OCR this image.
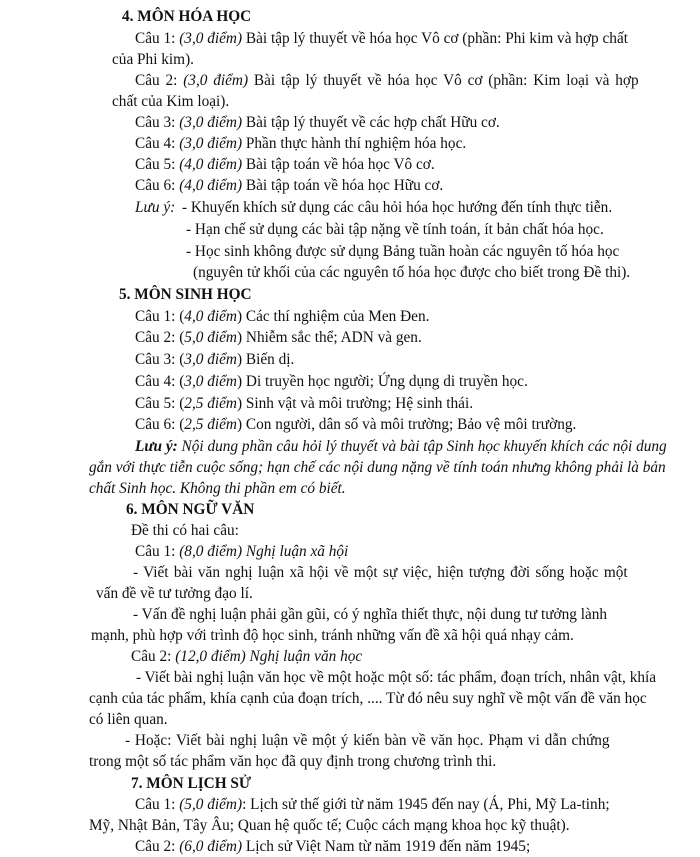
4. MÔN HÓA HỌC
Câu 1: (3,0 điểm) Bài tập lý thuyết về hóa học Vô cơ (phần: Phi kim và hợp chất
của Phi kim).
Câu 2: (3,0 điểm) Bài tập lý thuyết về hóa học Vô cơ (phần: Kim loại và hợp
chất của Kim loại).
Câu 3: (3,0 điểm) Bài tập lý thuyết về các hợp chất Hữu cơ.
Câu 4: (3,0 điểm) Phần thực hành thí nghiệm hóa học.
Câu 5: (4,0 điểm) Bài tập toán về hóa học Vô cơ.
Câu 6: (4,0 điểm) Bài tập toán về hóa học Hữu cơ.
Lưu ý: - Khuyến khích sử dụng các câu hỏi hóa học hướng đến tính thực tiễn.
- Hạn chế sử dụng các bài tập nặng về tính toán, ít bản chất hóa học.
- Học sinh không được sử dụng Bảng tuần hoàn các nguyên tố hóa học
(nguyên tử khối của các nguyên tố hóa học được cho biết trong Đề thi).
5. MÔN SINH HỌC
Câu 1: (4,0 điểm) Các thí nghiệm của Men Đen.
Câu 2: (5,0 điểm) Nhiễm sắc thể; ADN và gen.
Câu 3: (3,0 điểm) Biến dị.
Câu 4: (3,0 điểm) Di truyền học người; Ứng dụng di truyền học.
Câu 5: (2,5 điểm) Sinh vật và môi trường; Hệ sinh thái.
Câu 6: (2,5 điểm) Con người, dân số và môi trường; Bảo vệ môi trường.
Lưu ý: Nội dung phần câu hỏi lý thuyết và bài tập Sinh học khuyến khích các nội dung
gắn với thực tiễn cuộc sống; hạn chế các nội dung nặng về tính toán nhưng không phải là bản
chất Sinh học. Không thi phần em có biết.
6. MÔN NGỮ VĂN
Đề thi có hai câu:
Câu 1: (8,0 điểm) Nghị luận xã hội
- Viết bài văn nghị luận xã hội về một sự việc, hiện tượng đời sống hoặc một
vấn đề về tư tưởng đạo lí.
- Vấn đề nghị luận phải gần gũi, có ý nghĩa thiết thực, nội dung tư tưởng lành
mạnh, phù hợp với trình độ học sinh, tránh những vấn đề xã hội quá nhạy cảm.
Câu 2: (12,0 điểm) Nghị luận văn học
- Viết bài nghị luận văn học về một hoặc một số: tác phẩm, đoạn trích, nhân vật, khía
cạnh của tác phẩm, khía cạnh của đoạn trích, .... Từ đó nêu suy nghĩ về một vấn đề văn học
có liên quan.
- Hoặc: Viết bài nghị luận về một ý kiến bàn về văn học. Phạm vi dẫn chứng
trong một số tác phẩm văn học đã quy định trong chương trình thi.
7. MÔN LỊCH SỬ
Câu 1: (5,0 điểm): Lịch sử thế giới từ năm 1945 đến nay (Á, Phi, Mỹ La-tinh;
Mỹ, Nhật Bản, Tây Âu; Quan hệ quốc tế; Cuộc cách mạng khoa học kỹ thuật).
Câu 2: (6,0 điểm) Lịch sử Việt Nam từ năm 1919 đến năm 1945;
